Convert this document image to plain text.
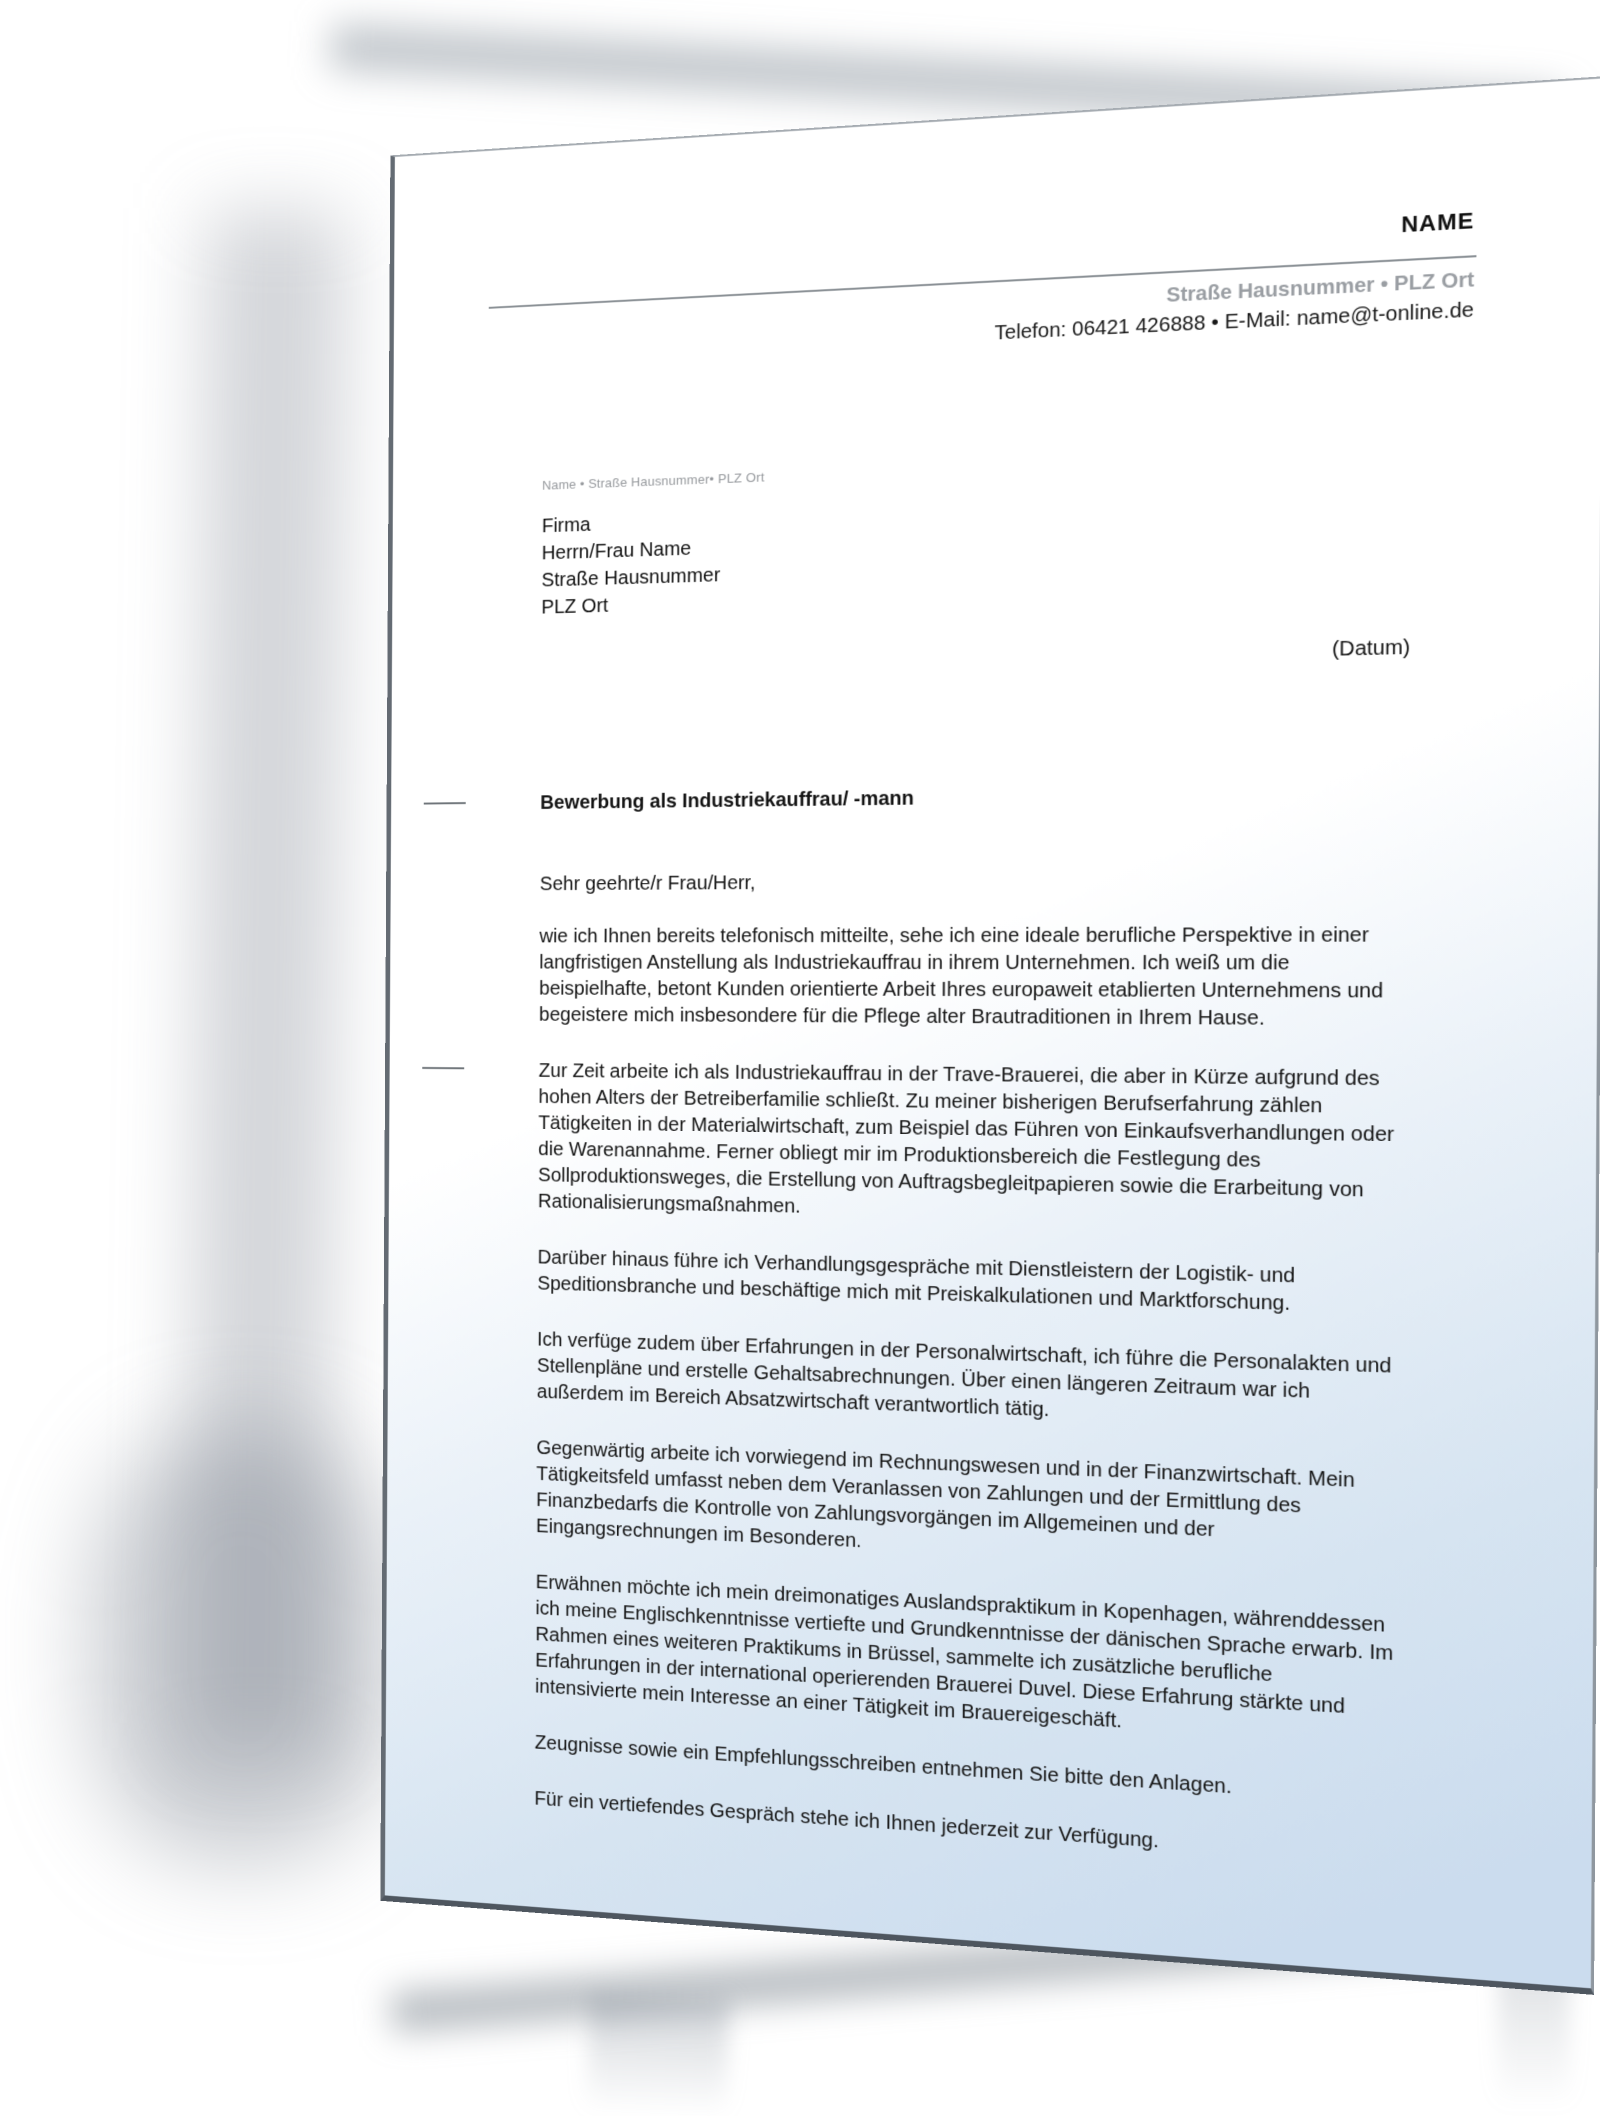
NAME
Straße Hausnummer • PLZ Ort
Telefon: 06421 426888 • E-Mail: name@t-online.de
Name • Straße Hausnummer• PLZ Ort
Firma
Herrn/Frau Name
Straße Hausnummer
PLZ Ort
(Datum)
Bewerbung als Industriekauffrau/ -mann
Sehr geehrte/r Frau/Herr,
wie ich Ihnen bereits telefonisch mitteilte, sehe ich eine ideale berufliche Perspektive in einer
langfristigen Anstellung als Industriekauffrau in ihrem Unternehmen. Ich weiß um die
beispielhafte, betont Kunden orientierte Arbeit Ihres europaweit etablierten Unternehmens und
begeistere mich insbesondere für die Pflege alter Brautraditionen in Ihrem Hause.
Zur Zeit arbeite ich als Industriekauffrau in der Trave-Brauerei, die aber in Kürze aufgrund des
hohen Alters der Betreiberfamilie schließt. Zu meiner bisherigen Berufserfahrung zählen
Tätigkeiten in der Materialwirtschaft, zum Beispiel das Führen von Einkaufsverhandlungen oder
die Warenannahme. Ferner obliegt mir im Produktionsbereich die Festlegung des
Sollproduktionsweges, die Erstellung von Auftragsbegleitpapieren sowie die Erarbeitung von
Rationalisierungsmaßnahmen.
Darüber hinaus führe ich Verhandlungsgespräche mit Dienstleistern der Logistik- und
Speditionsbranche und beschäftige mich mit Preiskalkulationen und Marktforschung.
Ich verfüge zudem über Erfahrungen in der Personalwirtschaft, ich führe die Personalakten und
Stellenpläne und erstelle Gehaltsabrechnungen. Über einen längeren Zeitraum war ich
außerdem im Bereich Absatzwirtschaft verantwortlich tätig.
Gegenwärtig arbeite ich vorwiegend im Rechnungswesen und in der Finanzwirtschaft. Mein
Tätigkeitsfeld umfasst neben dem Veranlassen von Zahlungen und der Ermittlung des
Finanzbedarfs die Kontrolle von Zahlungsvorgängen im Allgemeinen und der
Eingangsrechnungen im Besonderen.
Erwähnen möchte ich mein dreimonatiges Auslandspraktikum in Kopenhagen, währenddessen
ich meine Englischkenntnisse vertiefte und Grundkenntnisse der dänischen Sprache erwarb. Im
Rahmen eines weiteren Praktikums in Brüssel, sammelte ich zusätzliche berufliche
Erfahrungen in der international operierenden Brauerei Duvel. Diese Erfahrung stärkte und
intensivierte mein Interesse an einer Tätigkeit im Brauereigeschäft.
Zeugnisse sowie ein Empfehlungsschreiben entnehmen Sie bitte den Anlagen.
Für ein vertiefendes Gespräch stehe ich Ihnen jederzeit zur Verfügung.
